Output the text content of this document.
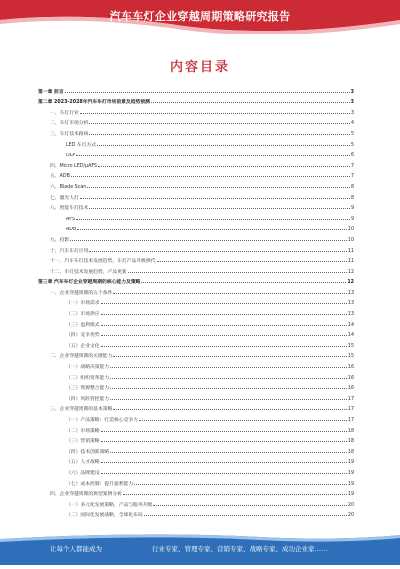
汽车车灯企业穿越周期策略研究报告
内容目录
第一章 前言	3
第二章 2023-2028年汽车车灯市场前景及趋势预测	3
一、车灯行业	3
二、车灯市场分析	4
三、车灯技术路线	5
LED 车灯方式	5
DLP	6
四、Micro LED/μAFS	7
五、ADB	7
六、Blade Scan	8
七、激光大灯	8
八、智能车灯技术	9
AFS	9
ADB	10
九、投影	10
十、汽车车灯应用	11
十一、汽车车灯技术发展趋势，车灯产品升级换代	11
十二、车灯技术发展趋势，产品更新	12
第三章 汽车车灯企业穿越周期的核心能力及策略	12
一、企业穿越周期的五个条件	13
（一）市场需求	13
（二）市场供应	13
（三）盈利模式	14
（四）竞争优势	14
（五）企业文化	15
二、企业穿越周期的关键能力	15
（一）战略决策能力	16
（二）组织变革能力	16
（三）资源整合能力	16
（四）风险管控能力	17
三、企业穿越周期的基本策略	17
（一）产品策略：打造核心竞争力	17
（二）市场策略	18
（三）营销策略	18
（四）技术创新策略	18
（五）人才战略	19
（六）品牌建设	19
（七）成本控制：提升盈利能力	19
四、企业穿越周期的典型案例分析	19
（一）多元化发展策略，产品与服务升级	20
（二）国际化发展战略，全球化布局	20
让每个人都能成为	行业专家、管理专家、营销专家、战略专家、成功企业家……
